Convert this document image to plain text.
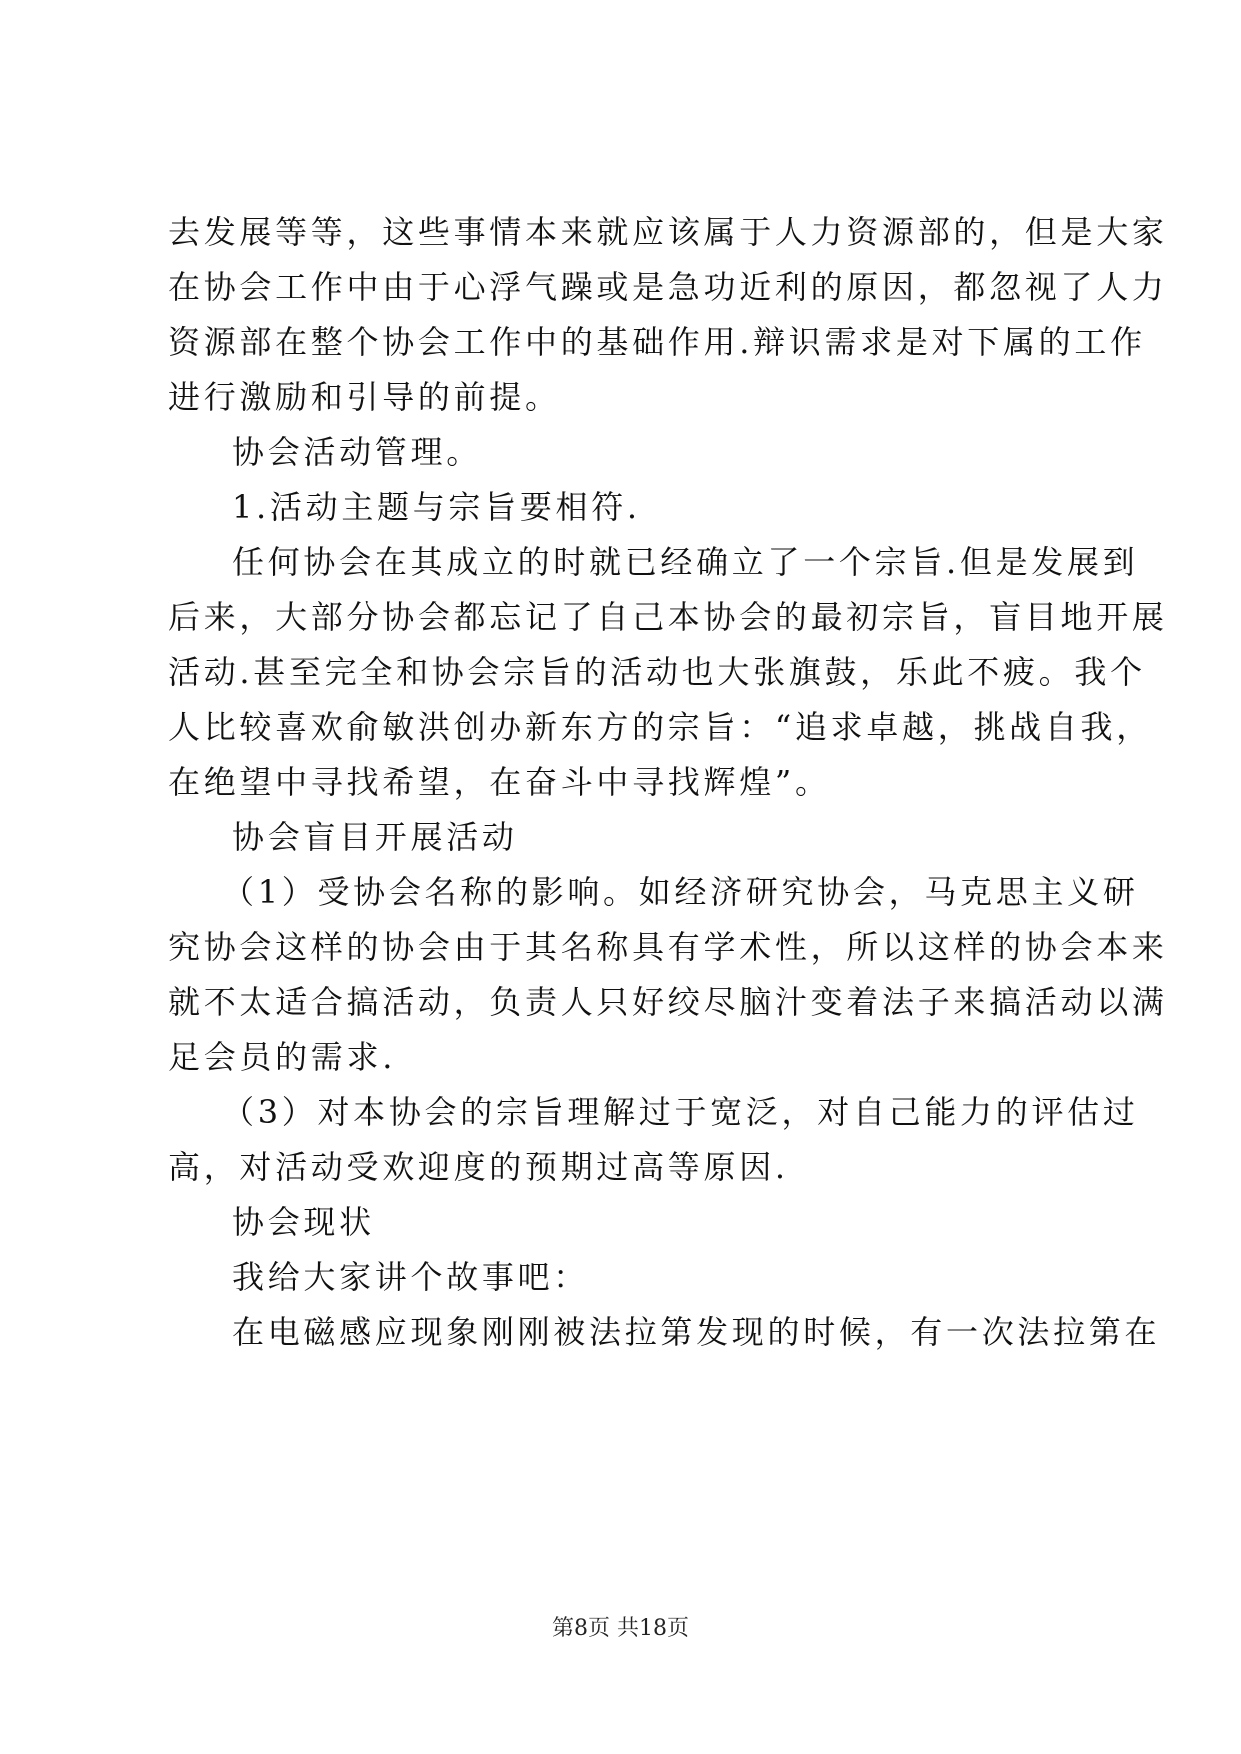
去发展等等，这些事情本来就应该属于人力资源部的，但是大家
在协会工作中由于心浮气躁或是急功近利的原因，都忽视了人力
资源部在整个协会工作中的基础作用.辩识需求是对下属的工作
进行激励和引导的前提。
协会活动管理。
1.活动主题与宗旨要相符.
任何协会在其成立的时就已经确立了一个宗旨.但是发展到
后来，大部分协会都忘记了自己本协会的最初宗旨，盲目地开展
活动.甚至完全和协会宗旨的活动也大张旗鼓，乐此不疲。我个
人比较喜欢俞敏洪创办新东方的宗旨：“追求卓越，挑战自我，
在绝望中寻找希望，在奋斗中寻找辉煌”。
协会盲目开展活动
（1）受协会名称的影响。如经济研究协会，马克思主义研
究协会这样的协会由于其名称具有学术性，所以这样的协会本来
就不太适合搞活动，负责人只好绞尽脑汁变着法子来搞活动以满
足会员的需求.
（3）对本协会的宗旨理解过于宽泛，对自己能力的评估过
高，对活动受欢迎度的预期过高等原因.
协会现状
我给大家讲个故事吧：
在电磁感应现象刚刚被法拉第发现的时候，有一次法拉第在
第8页 共18页
